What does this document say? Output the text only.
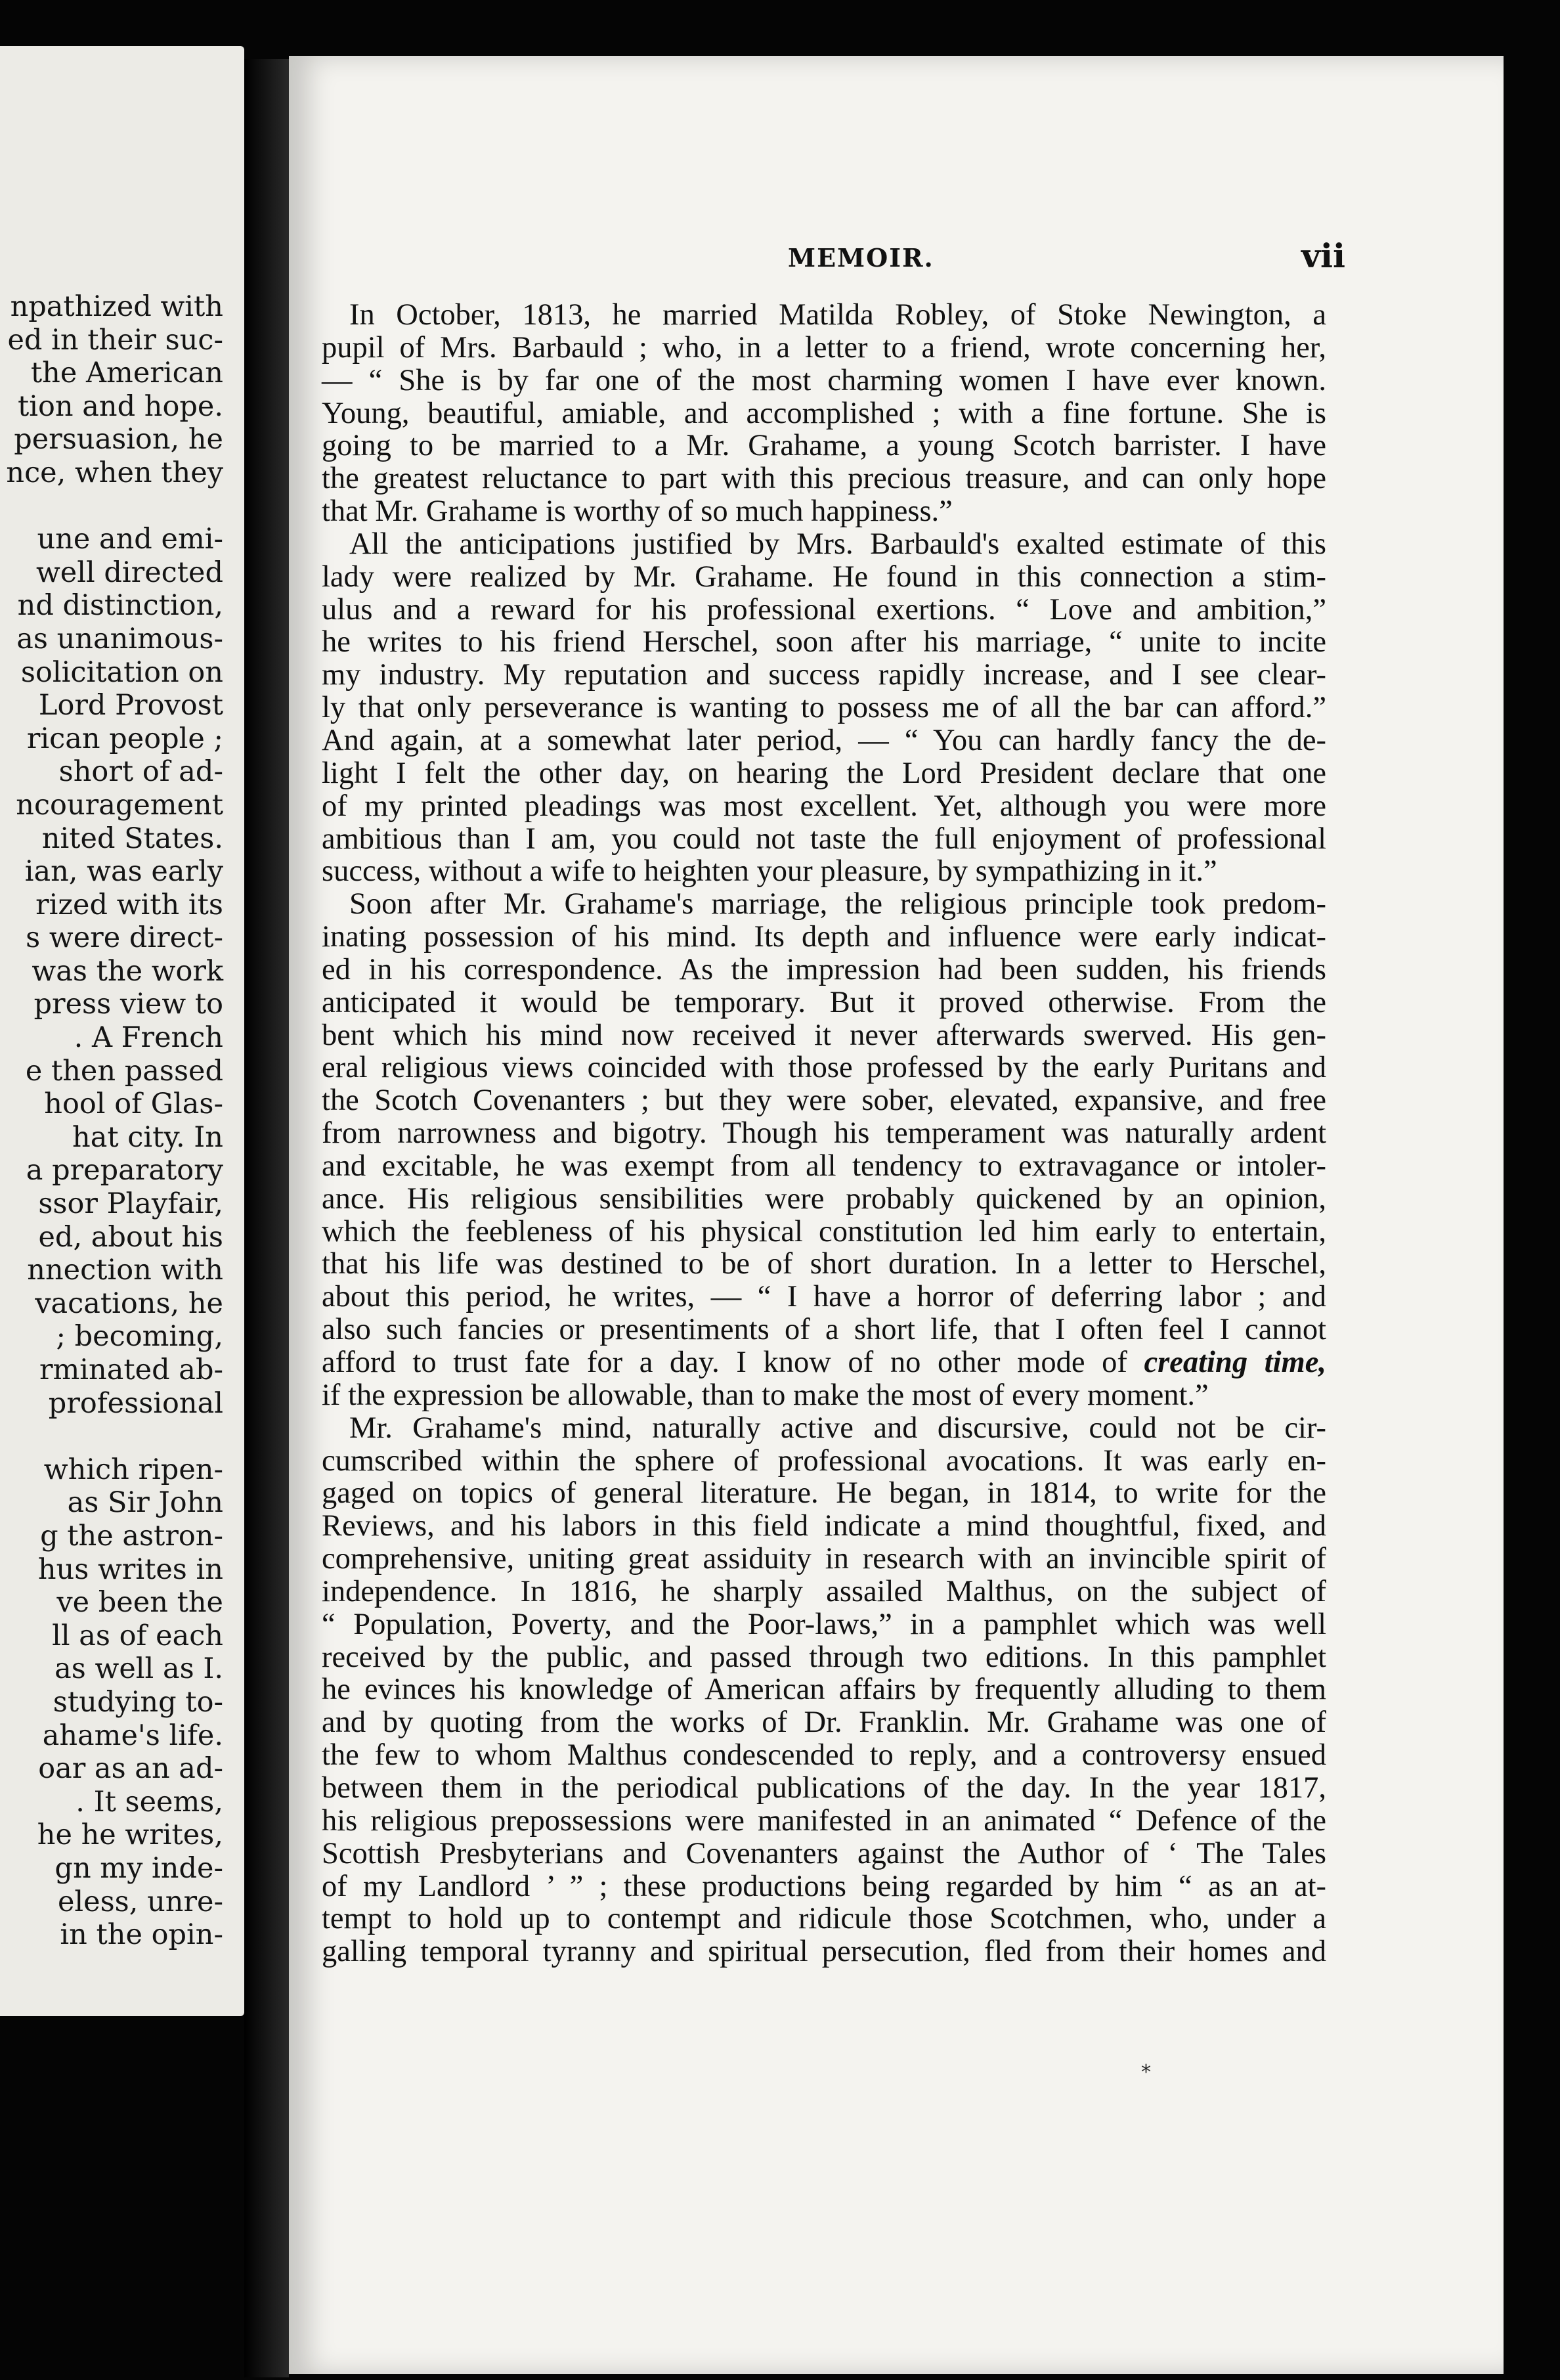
npathized with
ed in their suc-
the American
tion and hope.
persuasion, he
nce, when they

une and emi-
well directed
nd distinction,
as unanimous-
solicitation on
Lord Provost
rican people ;
short of ad-
ncouragement
nited States.
ian, was early
rized with its
s were direct-
was the work
press view to
. A French
e then passed
hool of Glas-
hat city. In
a preparatory
ssor Playfair,
ed, about his
nnection with
vacations, he
; becoming,
rminated ab-
professional

which ripen-
as Sir John
g the astron-
hus writes in
ve been the
ll as of each
as well as I.
studying to-
ahame's life.
oar as an ad-
. It seems,
he he writes,
gn my inde-
eless, unre-
in the opin-
MEMOIR.	vii
In October, 1813, he married Matilda Robley, of Stoke Newington, a
pupil of Mrs. Barbauld ; who, in a letter to a friend, wrote concerning her,
— “ She is by far one of the most charming women I have ever known.
Young, beautiful, amiable, and accomplished ; with a fine fortune. She is
going to be married to a Mr. Grahame, a young Scotch barrister. I have
the greatest reluctance to part with this precious treasure, and can only hope
that Mr. Grahame is worthy of so much happiness.”
All the anticipations justified by Mrs. Barbauld's exalted estimate of this
lady were realized by Mr. Grahame. He found in this connection a stim-
ulus and a reward for his professional exertions. “ Love and ambition,”
he writes to his friend Herschel, soon after his marriage, “ unite to incite
my industry. My reputation and success rapidly increase, and I see clear-
ly that only perseverance is wanting to possess me of all the bar can afford.”
And again, at a somewhat later period, — “ You can hardly fancy the de-
light I felt the other day, on hearing the Lord President declare that one
of my printed pleadings was most excellent. Yet, although you were more
ambitious than I am, you could not taste the full enjoyment of professional
success, without a wife to heighten your pleasure, by sympathizing in it.”
Soon after Mr. Grahame's marriage, the religious principle took predom-
inating possession of his mind. Its depth and influence were early indicat-
ed in his correspondence. As the impression had been sudden, his friends
anticipated it would be temporary. But it proved otherwise. From the
bent which his mind now received it never afterwards swerved. His gen-
eral religious views coincided with those professed by the early Puritans and
the Scotch Covenanters ; but they were sober, elevated, expansive, and free
from narrowness and bigotry. Though his temperament was naturally ardent
and excitable, he was exempt from all tendency to extravagance or intoler-
ance. His religious sensibilities were probably quickened by an opinion,
which the feebleness of his physical constitution led him early to entertain,
that his life was destined to be of short duration. In a letter to Herschel,
about this period, he writes, — “ I have a horror of deferring labor ; and
also such fancies or presentiments of a short life, that I often feel I cannot
afford to trust fate for a day. I know of no other mode of creating time,
if the expression be allowable, than to make the most of every moment.”
Mr. Grahame's mind, naturally active and discursive, could not be cir-
cumscribed within the sphere of professional avocations. It was early en-
gaged on topics of general literature. He began, in 1814, to write for the
Reviews, and his labors in this field indicate a mind thoughtful, fixed, and
comprehensive, uniting great assiduity in research with an invincible spirit of
independence. In 1816, he sharply assailed Malthus, on the subject of
“ Population, Poverty, and the Poor-laws,” in a pamphlet which was well
received by the public, and passed through two editions. In this pamphlet
he evinces his knowledge of American affairs by frequently alluding to them
and by quoting from the works of Dr. Franklin. Mr. Grahame was one of
the few to whom Malthus condescended to reply, and a controversy ensued
between them in the periodical publications of the day. In the year 1817,
his religious prepossessions were manifested in an animated “ Defence of the
Scottish Presbyterians and Covenanters against the Author of ‘ The Tales
of my Landlord ’ ” ; these productions being regarded by him “ as an at-
tempt to hold up to contempt and ridicule those Scotchmen, who, under a
galling temporal tyranny and spiritual persecution, fled from their homes and
*
